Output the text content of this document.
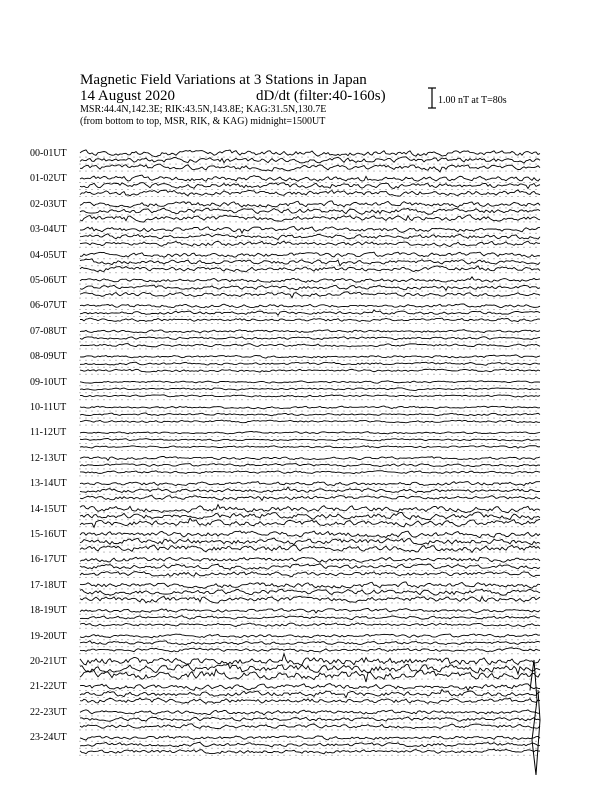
Magnetic Field Variations at 3 Stations in Japan
14 August 2020	dD/dt (filter:40-160s)
MSR:44.4N,142.3E; RIK:43.5N,143.8E; KAG:31.5N,130.7E
(from bottom to top, MSR, RIK, & KAG) midnight=1500UT
1.00 nT at T=80s
00-01UT
01-02UT
02-03UT
03-04UT
04-05UT
05-06UT
06-07UT
07-08UT
08-09UT
09-10UT
10-11UT
11-12UT
12-13UT
13-14UT
14-15UT
15-16UT
16-17UT
17-18UT
18-19UT
19-20UT
20-21UT
21-22UT
22-23UT
23-24UT
